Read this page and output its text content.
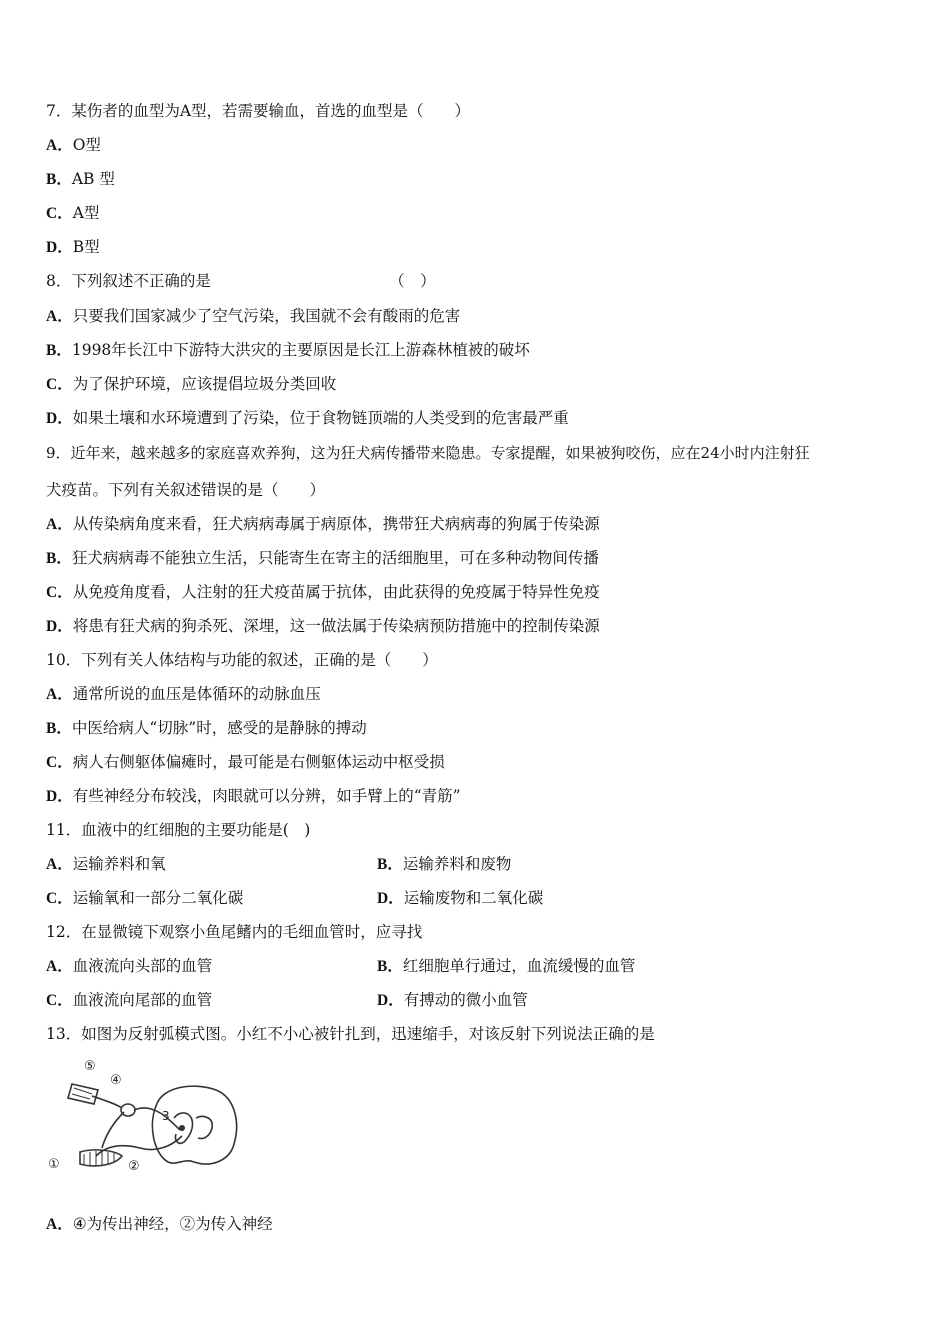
7．某伤者的血型为A型，若需要输血，首选的血型是（　　）
A．O型
B．AB 型
C．A型
D．B型
8．下列叙述不正确的是　　　　　　　　　　　　（　）
A．只要我们国家减少了空气污染，我国就不会有酸雨的危害
B．1998年长江中下游特大洪灾的主要原因是长江上游森林植被的破坏
C．为了保护环境，应该提倡垃圾分类回收
D．如果土壤和水环境遭到了污染，位于食物链顶端的人类受到的危害最严重
9．近年来，越来越多的家庭喜欢养狗，这为狂犬病传播带来隐患。专家提醒，如果被狗咬伤，应在24小时内注射狂
犬疫苗。下列有关叙述错误的是（　　）
A．从传染病角度来看，狂犬病病毒属于病原体，携带狂犬病病毒的狗属于传染源
B．狂犬病病毒不能独立生活，只能寄生在寄主的活细胞里，可在多种动物间传播
C．从免疫角度看，人注射的狂犬疫苗属于抗体，由此获得的免疫属于特异性免疫
D．将患有狂犬病的狗杀死、深埋，这一做法属于传染病预防措施中的控制传染源
10．下列有关人体结构与功能的叙述，正确的是（　　）
A．通常所说的血压是体循环的动脉血压
B．中医给病人“切脉”时，感受的是静脉的搏动
C．病人右侧躯体偏瘫时，最可能是右侧躯体运动中枢受损
D．有些神经分布较浅，肉眼就可以分辨，如手臂上的“青筋”
11．血液中的红细胞的主要功能是(　)
A．运输养料和氧	B．运输养料和废物
C．运输氧和一部分二氧化碳	D．运输废物和二氧化碳
12．在显微镜下观察小鱼尾鳍内的毛细血管时，应寻找
A．血液流向头部的血管	B．红细胞单行通过，血流缓慢的血管
C．血液流向尾部的血管	D．有搏动的微小血管
13．如图为反射弧模式图。小红不小心被针扎到，迅速缩手，对该反射下列说法正确的是
⑤
④
3
①	②
A．④为传出神经，②为传入神经
